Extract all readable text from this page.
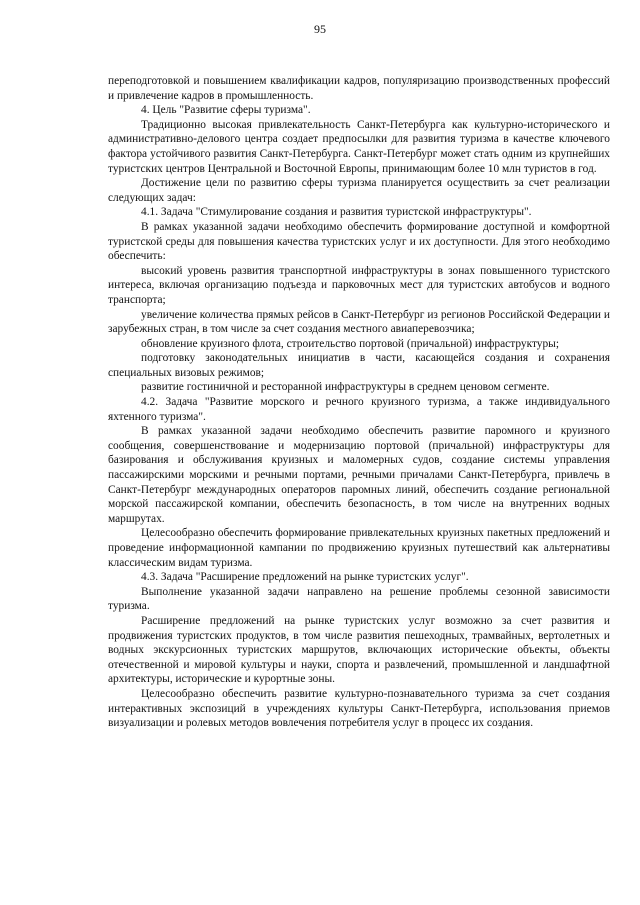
95

переподготовкой и повышением квалификации кадров, популяризацию производственных профессий и привлечение кадров в промышленность.

4. Цель "Развитие сферы туризма".

Традиционно высокая привлекательность Санкт-Петербурга как культурно-исторического и административно-делового центра создает предпосылки для развития туризма в качестве ключевого фактора устойчивого развития Санкт-Петербурга. Санкт-Петербург может стать одним из крупнейших туристских центров Центральной и Восточной Европы, принимающим более 10 млн туристов в год.

Достижение цели по развитию сферы туризма планируется осуществить за счет реализации следующих задач:

4.1. Задача "Стимулирование создания и развития туристской инфраструктуры".

В рамках указанной задачи необходимо обеспечить формирование доступной и комфортной туристской среды для повышения качества туристских услуг и их доступности. Для этого необходимо обеспечить:

высокий уровень развития транспортной инфраструктуры в зонах повышенного туристского интереса, включая организацию подъезда и парковочных мест для туристских автобусов и водного транспорта;

увеличение количества прямых рейсов в Санкт-Петербург из регионов Российской Федерации и зарубежных стран, в том числе за счет создания местного авиаперевозчика;

обновление круизного флота, строительство портовой (причальной) инфраструктуры;

подготовку законодательных инициатив в части, касающейся создания и сохранения специальных визовых режимов;

развитие гостиничной и ресторанной инфраструктуры в среднем ценовом сегменте.

4.2. Задача "Развитие морского и речного круизного туризма, а также индивидуального яхтенного туризма".

В рамках указанной задачи необходимо обеспечить развитие паромного и круизного сообщения, совершенствование и модернизацию портовой (причальной) инфраструктуры для базирования и обслуживания круизных и маломерных судов, создание системы управления пассажирскими морскими и речными портами, речными причалами Санкт-Петербурга, привлечь в Санкт-Петербург международных операторов паромных линий, обеспечить создание региональной морской пассажирской компании, обеспечить безопасность, в том числе на внутренних водных маршрутах.

Целесообразно обеспечить формирование привлекательных круизных пакетных предложений и проведение информационной кампании по продвижению круизных путешествий как альтернативы классическим видам туризма.

4.3. Задача "Расширение предложений на рынке туристских услуг".

Выполнение указанной задачи направлено на решение проблемы сезонной зависимости туризма.

Расширение предложений на рынке туристских услуг возможно за счет развития и продвижения туристских продуктов, в том числе развития пешеходных, трамвайных, вертолетных и водных экскурсионных туристских маршрутов, включающих исторические объекты, объекты отечественной и мировой культуры и науки, спорта и развлечений, промышленной и ландшафтной архитектуры, исторические и курортные зоны.

Целесообразно обеспечить развитие культурно-познавательного туризма за счет создания интерактивных экспозиций в учреждениях культуры Санкт-Петербурга, использования приемов визуализации и ролевых методов вовлечения потребителя услуг в процесс их создания.
